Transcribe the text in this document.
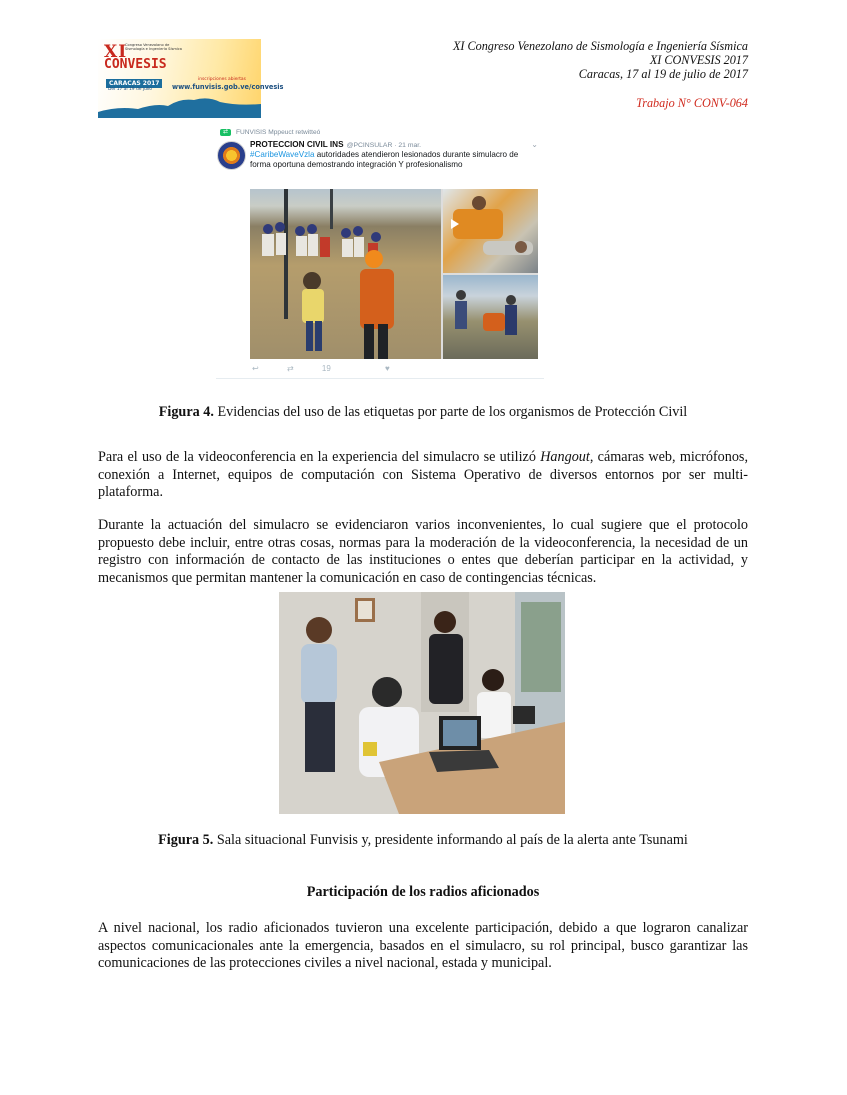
XI
Congreso Venezolano de Sismología e Ingeniería Sísmica
CONVESIS
CARACAS 2017
Del 17 al 19 de julio
inscripciones abiertas
www.funvisis.gob.ve/convesis
XI Congreso Venezolano de Sismología e Ingeniería Sísmica
XI CONVESIS 2017
Caracas, 17 al 19 de julio de 2017
Trabajo N° CONV-064
⇄	FUNVISIS Mppeuct retwitteó
PROTECCION CIVIL INS @PCINSULAR · 21 mar.	⌄
#CaribeWaveVzla autoridades atendieron lesionados durante simulacro de forma oportuna demostrando integración Y profesionalismo
↩	⇄	19	♥
Figura 4. Evidencias del uso de las etiquetas por parte de los organismos de Protección Civil
Para el uso de la videoconferencia en la experiencia del simulacro se utilizó Hangout, cámaras web, micrófonos, conexión a Internet, equipos de computación con Sistema Operativo de diversos entornos por ser multi-plataforma.
Durante la actuación del simulacro se evidenciaron varios inconvenientes, lo cual sugiere que el protocolo propuesto debe incluir, entre otras cosas, normas para la moderación de la videoconferencia, la necesidad de un registro con información de contacto de las instituciones o entes que deberían participar en la actividad, y mecanismos que permitan mantener la comunicación en caso de contingencias técnicas.
Figura 5. Sala situacional Funvisis y, presidente informando al país de la alerta ante Tsunami
Participación de los radios aficionados
A nivel nacional, los radio aficionados tuvieron una excelente participación, debido a que lograron canalizar aspectos comunicacionales ante la emergencia, basados en el simulacro, su rol principal, busco garantizar las comunicaciones de las protecciones civiles a nivel nacional, estada y municipal.
